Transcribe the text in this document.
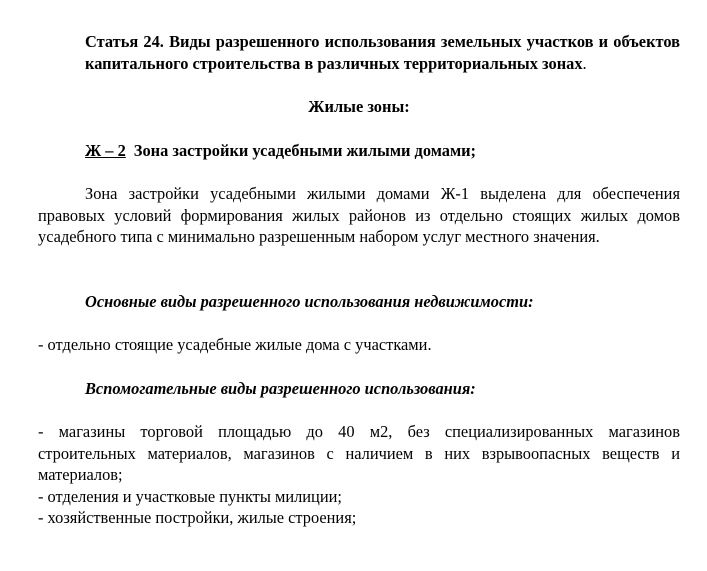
Статья 24. Виды разрешенного использования земельных участков и объектов капитального строительства в различных территориальных зонах.

Жилые зоны:

Ж – 2 Зона застройки усадебными жилыми домами;

Зона застройки усадебными жилыми домами Ж-1 выделена для обеспечения правовых условий формирования жилых районов из отдельно стоящих жилых домов усадебного типа с минимально разрешенным набором услуг местного значения.

Основные виды разрешенного использования недвижимости:

- отдельно стоящие усадебные жилые дома с участками.

Вспомогательные виды разрешенного использования:

- магазины торговой площадью до 40 м2, без специализированных магазинов строительных материалов, магазинов с наличием в них взрывоопасных веществ и материалов;
- отделения и участковые пункты милиции;
- хозяйственные постройки, жилые строения;
